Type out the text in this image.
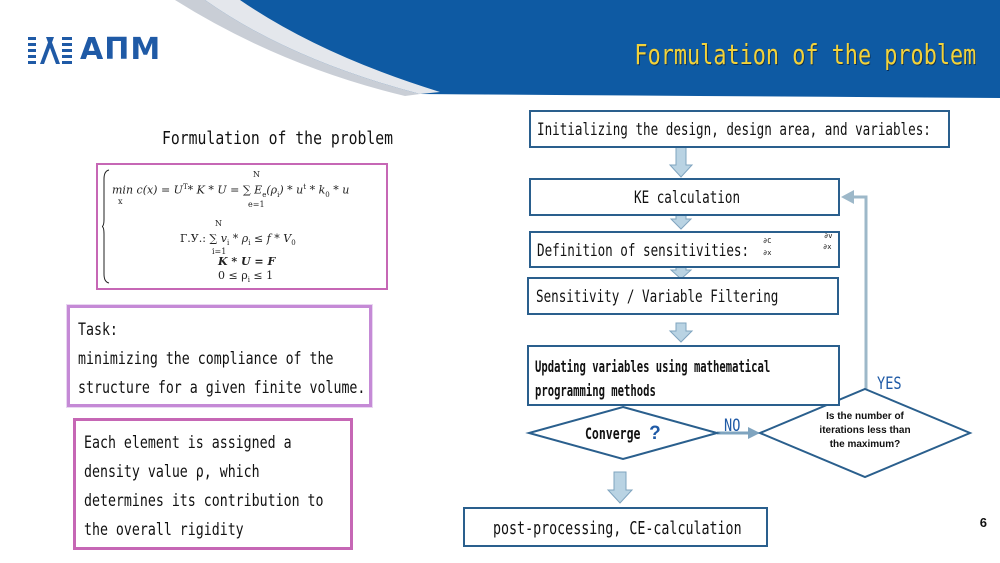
АПМ	Formulation of the problem
Formulation of the problem
$\min c(x) = U^T*$ K * U = ∑ $E_e(\rho_i) * u^t * k_0$ * u
x
N
e=1
Г.У.: ∑ $v_i * \rho_i \le f * V_0$
N
i=1
K * U = F
$0 \le \rho_i \le 1$
Task:
minimizing the compliance of the
structure for a given finite volume.
Each element is assigned a
density value ρ, which
determines its contribution to
the overall rigidity
Initializing the design, design area, and variables:
KE calculation
Definition of sensitivities: ∂C
∂x
∂v
∂x
Sensitivity / Variable Filtering
Updating variables using mathematical
programming methods
Converge ?	NO
YES
Is the number of
iterations less than
the maximum?
post-processing, CE-calculation	6
